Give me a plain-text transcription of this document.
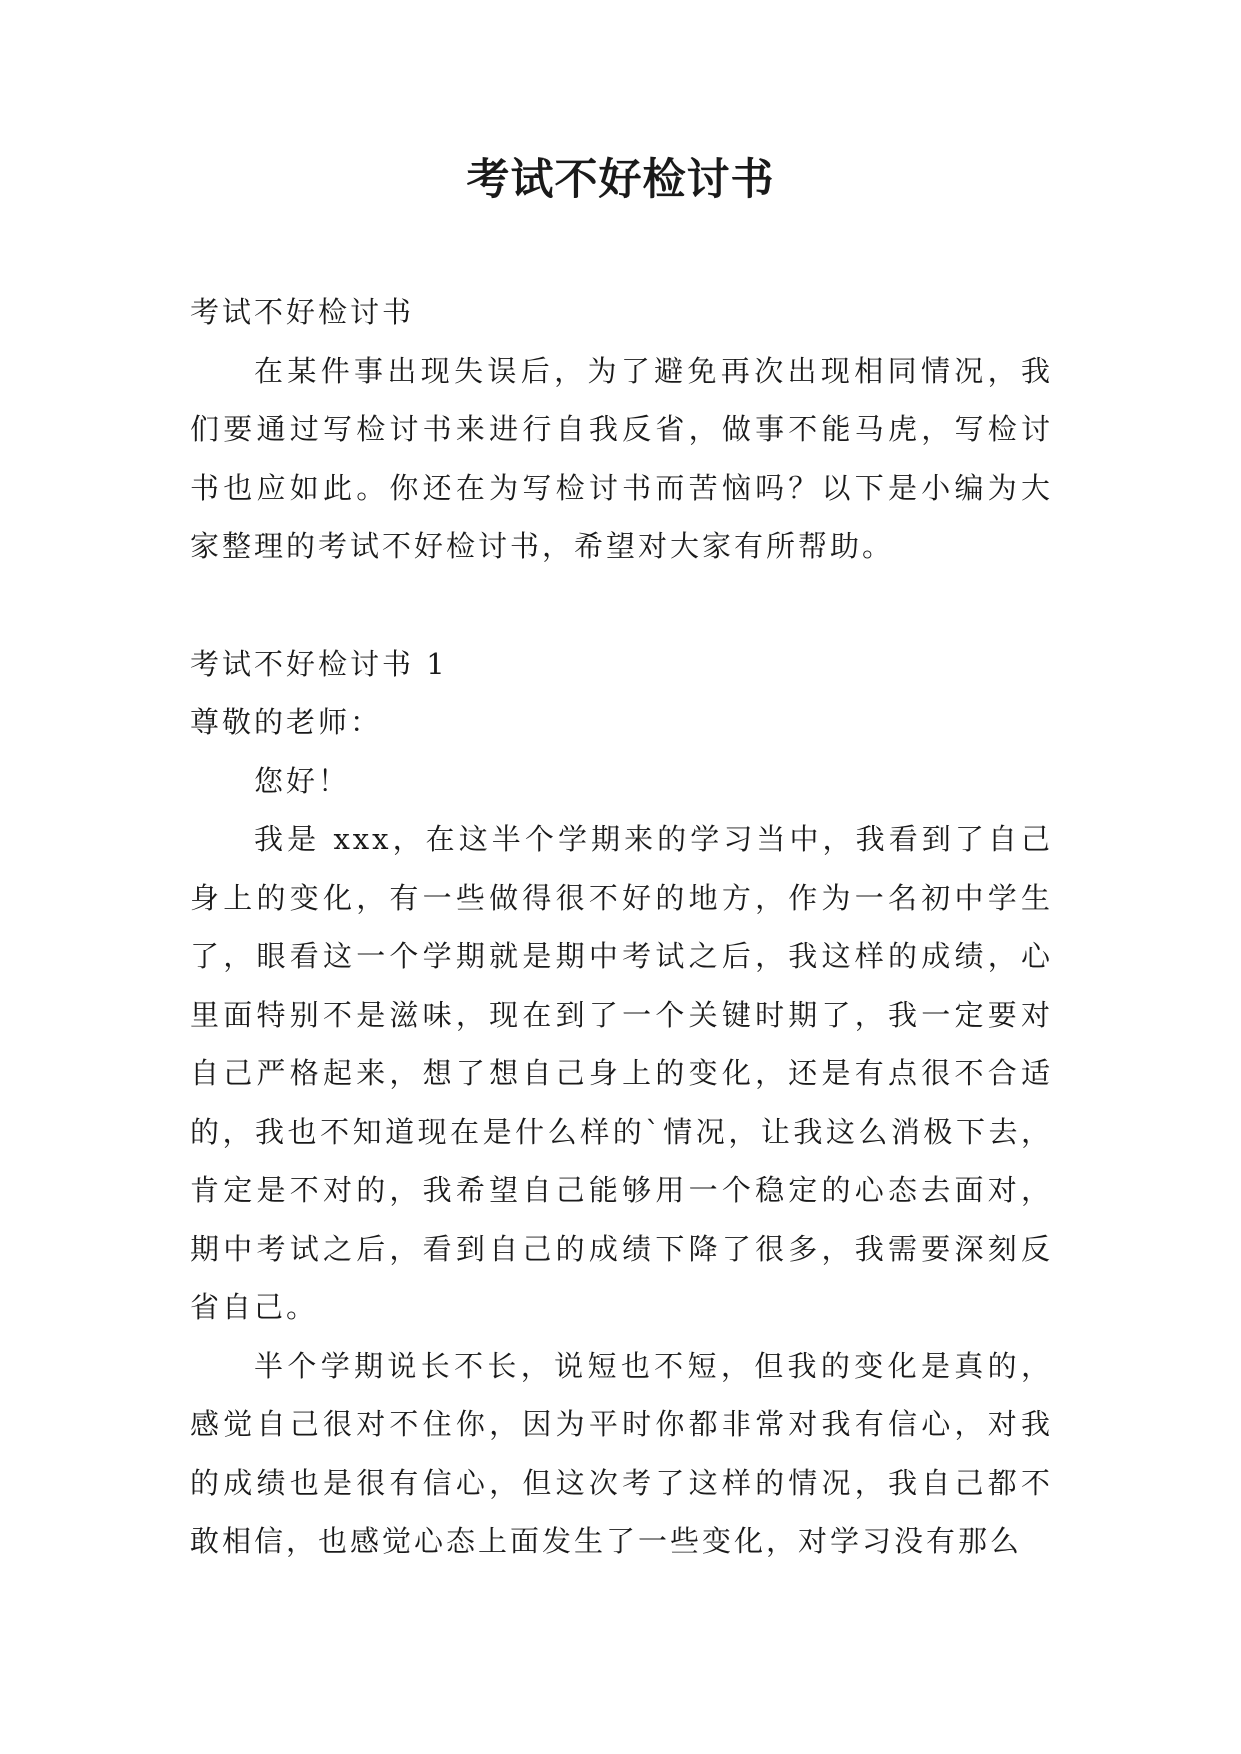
考试不好检讨书

考试不好检讨书

在某件事出现失误后，为了避免再次出现相同情况，我们要通过写检讨书来进行自我反省，做事不能马虎，写检讨书也应如此。你还在为写检讨书而苦恼吗？以下是小编为大家整理的考试不好检讨书，希望对大家有所帮助。

考试不好检讨书 1

尊敬的老师：

您好！

我是 xxx，在这半个学期来的学习当中，我看到了自己身上的变化，有一些做得很不好的地方，作为一名初中学生了，眼看这一个学期就是期中考试之后，我这样的成绩，心里面特别不是滋味，现在到了一个关键时期了，我一定要对自己严格起来，想了想自己身上的变化，还是有点很不合适的，我也不知道现在是什么样的`情况，让我这么消极下去，肯定是不对的，我希望自己能够用一个稳定的心态去面对，期中考试之后，看到自己的成绩下降了很多，我需要深刻反省自己。

半个学期说长不长，说短也不短，但我的变化是真的，感觉自己很对不住你，因为平时你都非常对我有信心，对我的成绩也是很有信心，但这次考了这样的情况，我自己都不敢相信，也感觉心态上面发生了一些变化，对学习没有那么
